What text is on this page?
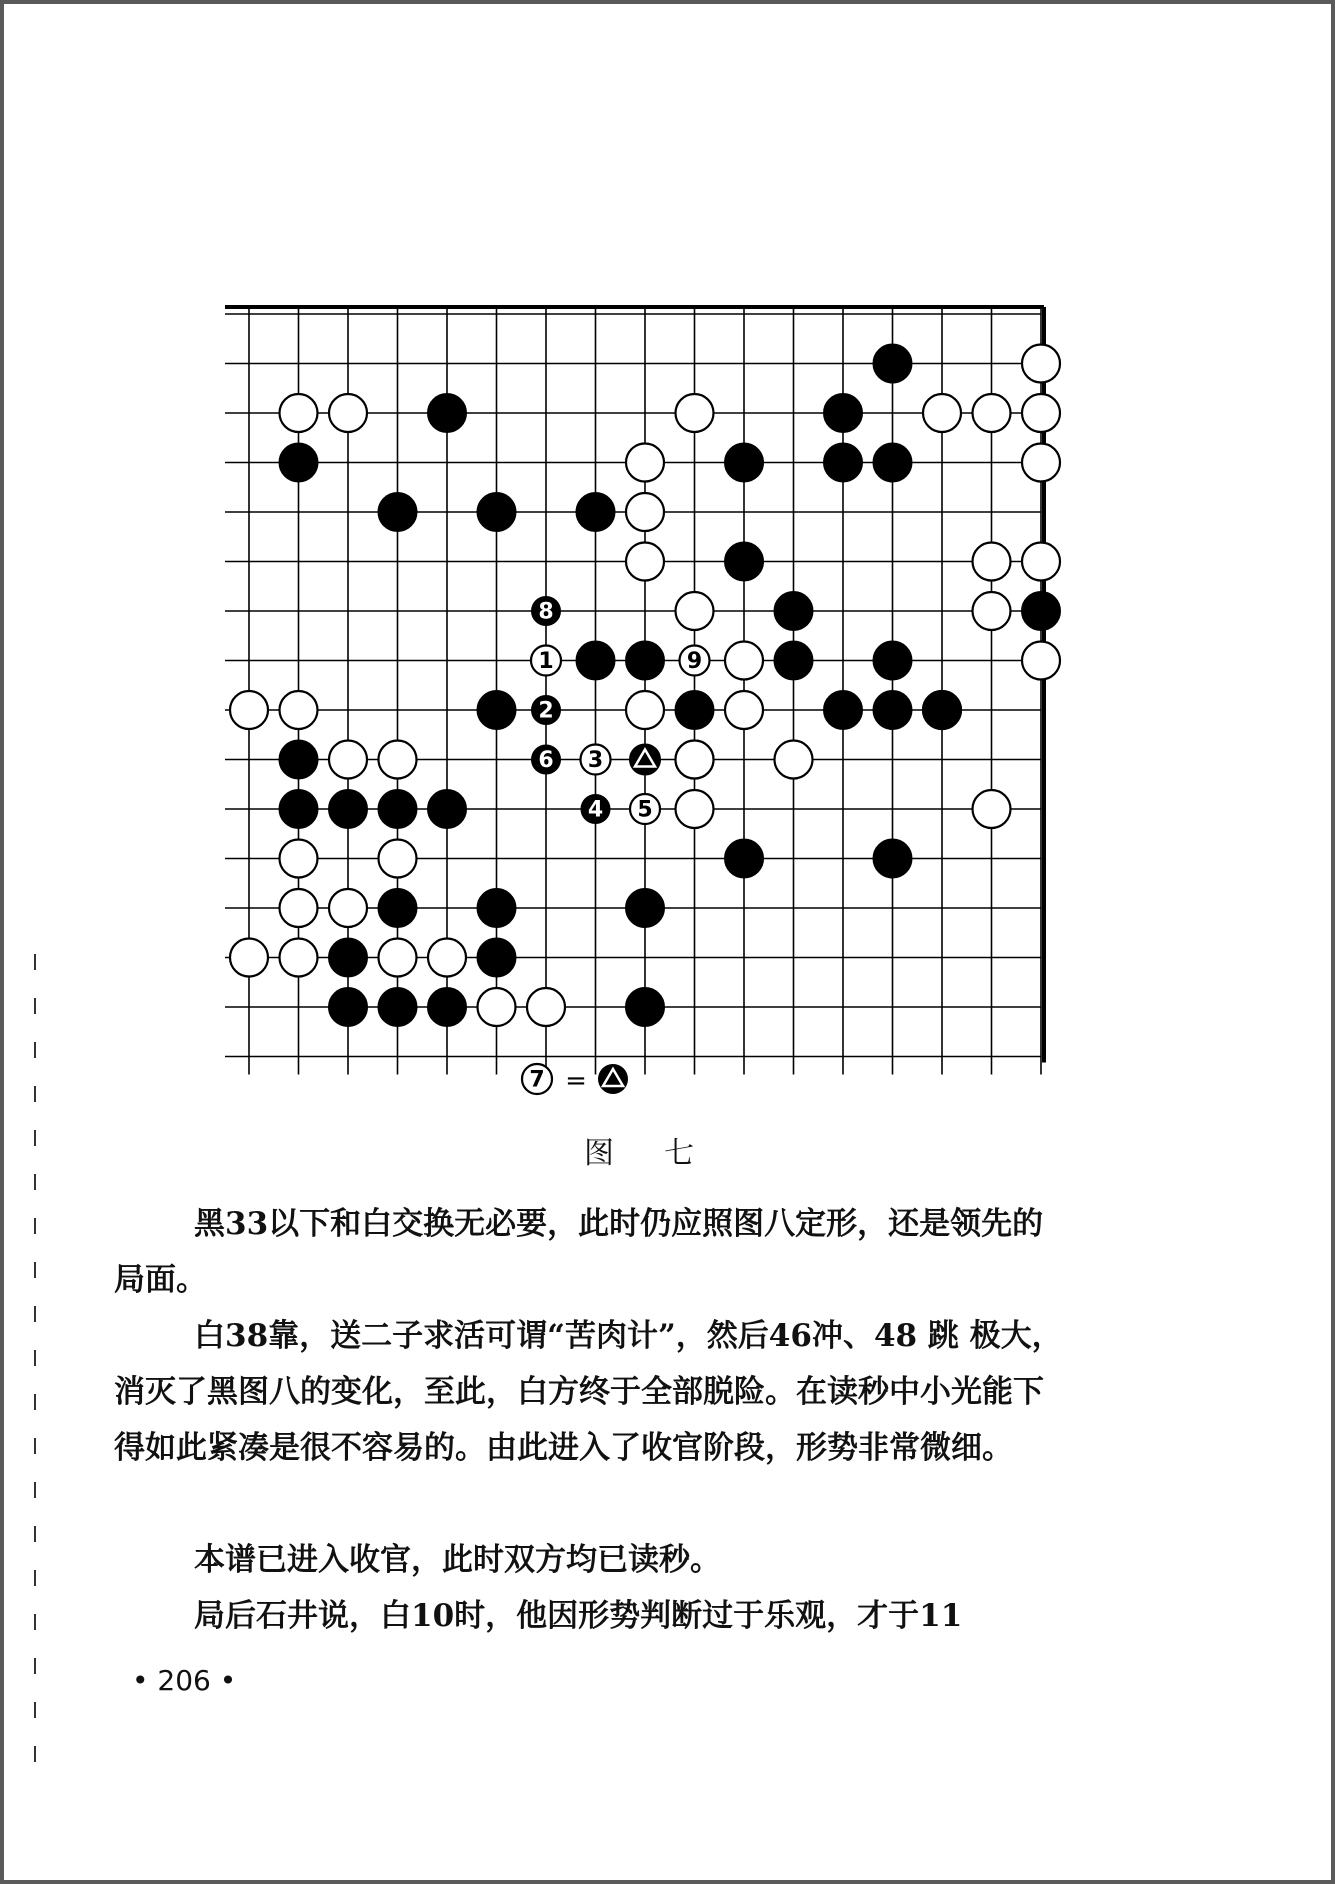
1
2
3
4 5
6
8
9
7 =
图七

黑33以下和白交换无必要，此时仍应照图八定形，还是领先的局面。

白38靠，送二子求活可谓“苦肉计”，然后46冲、48 跳 极大，消灭了黑图八的变化，至此，白方终于全部脱险。在读秒中小光能下得如此紧凑是很不容易的。由此进入了收官阶段，形势非常微细。

本谱已进入收官，此时双方均已读秒。

局后石井说，白10时，他因形势判断过于乐观，才于11

• 206 •
